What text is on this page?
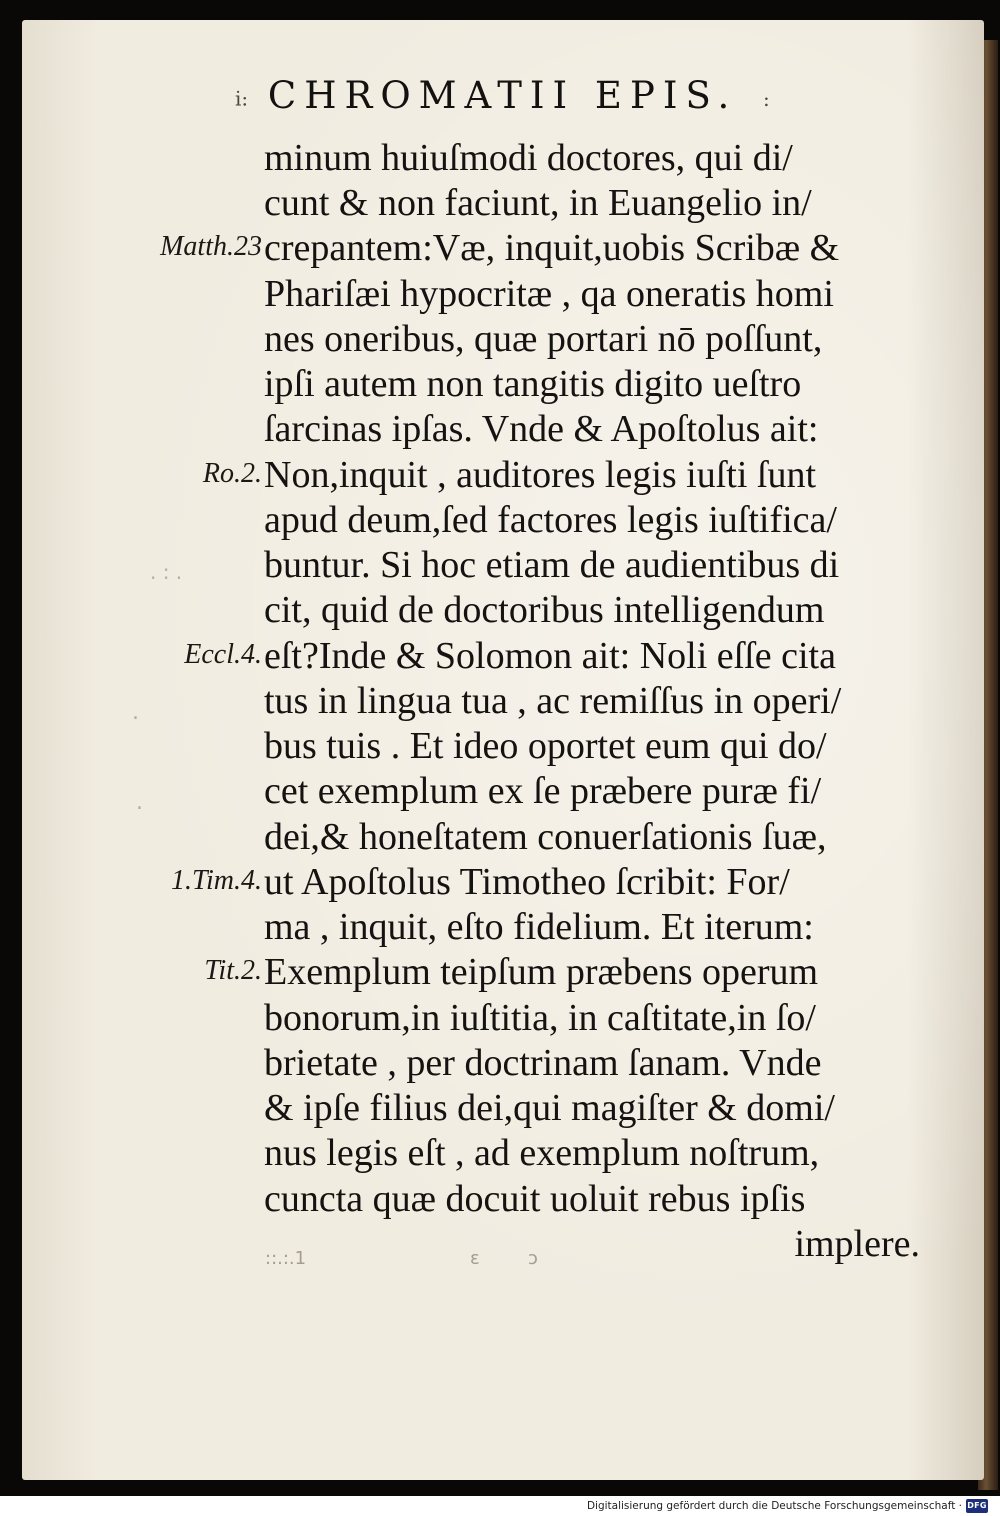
i: CHROMATII EPIS. :
minum huiuſmodi doctores, qui di/
cunt & non faciunt, in Euangelio in/
crepantem:Væ, inquit,uobis Scribæ &
Phariſæi hypocritæ , qa oneratis homi
nes oneribus, quæ portari nō poſſunt,
ipſi autem non tangitis digito ueſtro
ſarcinas ipſas. Vnde & Apoſtolus ait:
Non,inquit , auditores legis iuſti ſunt
apud deum,ſed factores legis iuſtifica/
buntur. Si hoc etiam de audientibus di
cit, quid de doctoribus intelligendum
eſt?Inde & Solomon ait: Noli eſſe cita
tus in lingua tua , ac remiſſus in operi/
bus tuis . Et ideo oportet eum qui do/
cet exemplum ex ſe præbere puræ fi/
dei,& honeſtatem conuerſationis ſuæ,
ut Apoſtolus Timotheo ſcribit: For/
ma , inquit, eſto fidelium. Et iterum:
Exemplum teipſum præbens operum
bonorum,in iuſtitia, in caſtitate,in ſo/
brietate , per doctrinam ſanam. Vnde
& ipſe filius dei,qui magiſter & domi/
nus legis eſt , ad exemplum noſtrum,
cuncta quæ docuit uoluit rebus ipſis
implere.
Matth.23
Ro.2.
Eccl.4.
1.Tim.4.
Tit.2.
. : .
.
.
::.:.1	ε	ɔ
Digitalisierung gefördert durch die Deutsche Forschungsgemeinschaft · DFG
